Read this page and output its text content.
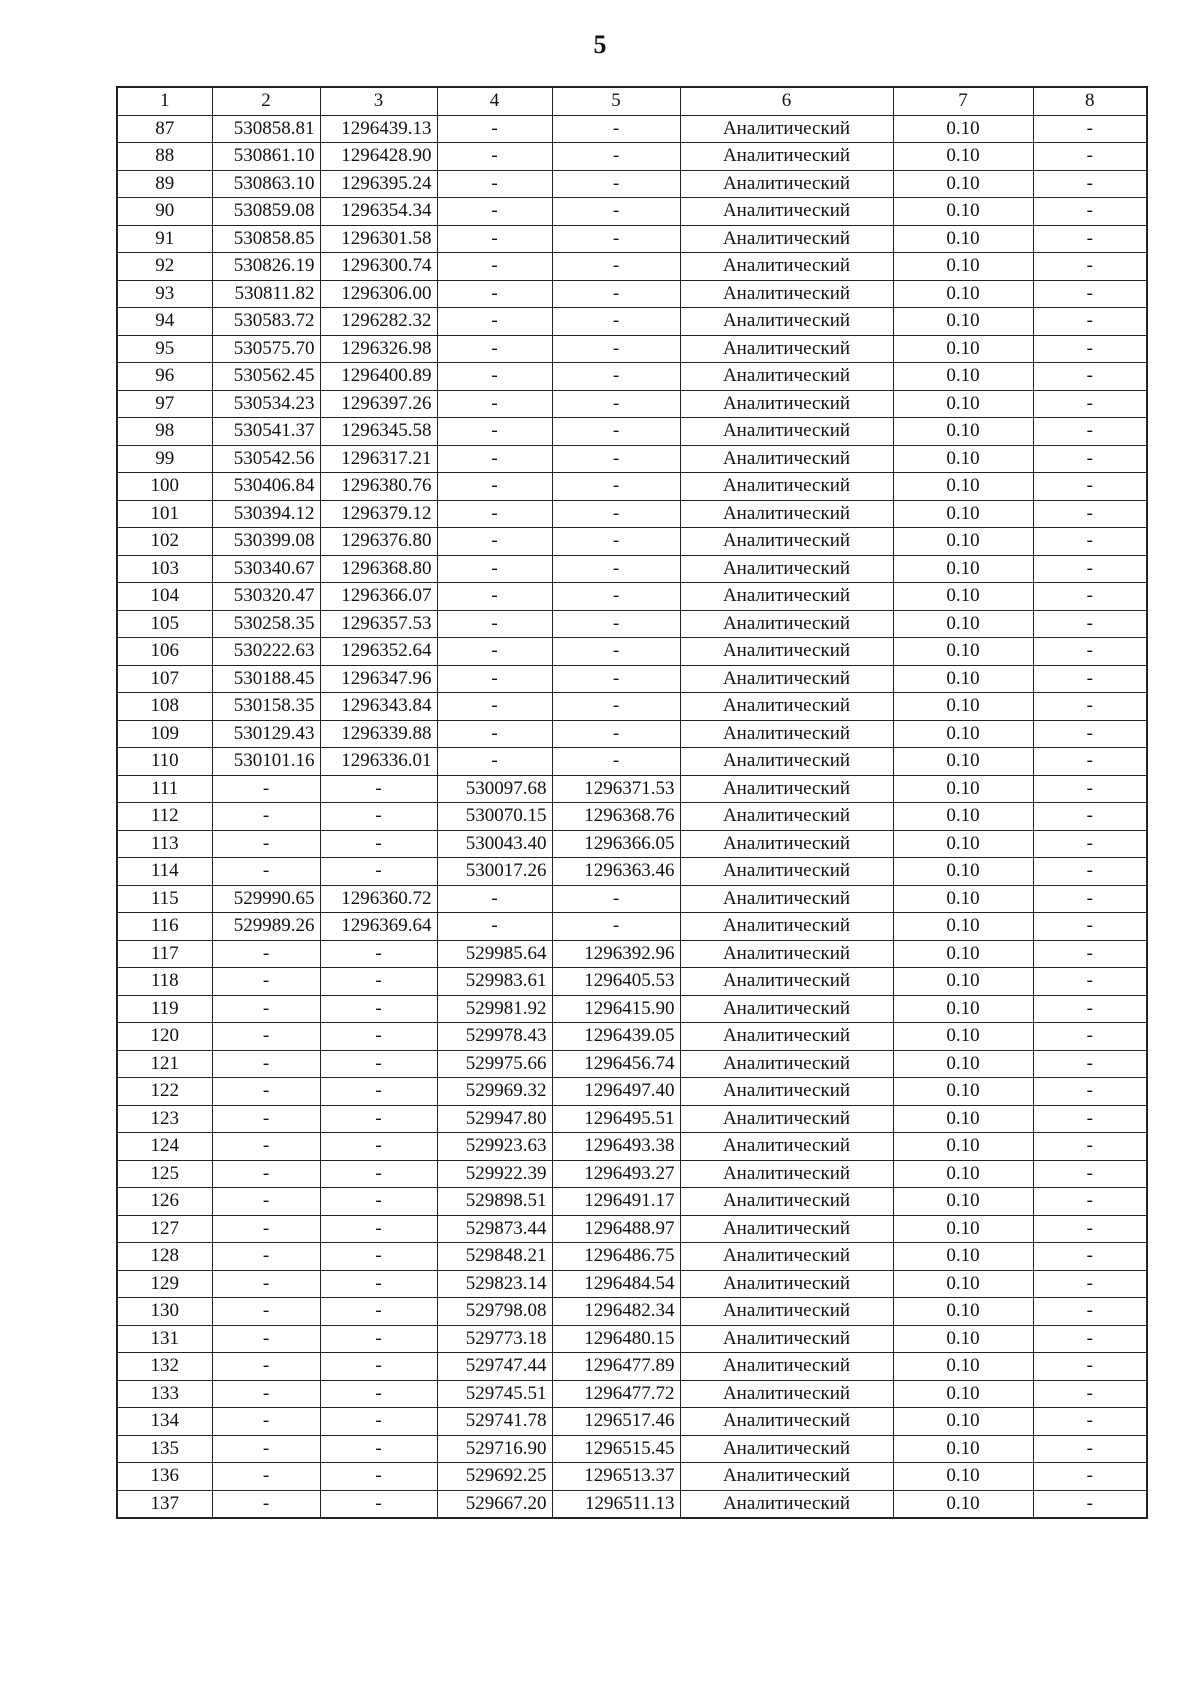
5
1	2	3	4	5	6	7	8
87	530858.81	1296439.13	-	-	Аналитический	0.10	-
88	530861.10	1296428.90	-	-	Аналитический	0.10	-
89	530863.10	1296395.24	-	-	Аналитический	0.10	-
90	530859.08	1296354.34	-	-	Аналитический	0.10	-
91	530858.85	1296301.58	-	-	Аналитический	0.10	-
92	530826.19	1296300.74	-	-	Аналитический	0.10	-
93	530811.82	1296306.00	-	-	Аналитический	0.10	-
94	530583.72	1296282.32	-	-	Аналитический	0.10	-
95	530575.70	1296326.98	-	-	Аналитический	0.10	-
96	530562.45	1296400.89	-	-	Аналитический	0.10	-
97	530534.23	1296397.26	-	-	Аналитический	0.10	-
98	530541.37	1296345.58	-	-	Аналитический	0.10	-
99	530542.56	1296317.21	-	-	Аналитический	0.10	-
100	530406.84	1296380.76	-	-	Аналитический	0.10	-
101	530394.12	1296379.12	-	-	Аналитический	0.10	-
102	530399.08	1296376.80	-	-	Аналитический	0.10	-
103	530340.67	1296368.80	-	-	Аналитический	0.10	-
104	530320.47	1296366.07	-	-	Аналитический	0.10	-
105	530258.35	1296357.53	-	-	Аналитический	0.10	-
106	530222.63	1296352.64	-	-	Аналитический	0.10	-
107	530188.45	1296347.96	-	-	Аналитический	0.10	-
108	530158.35	1296343.84	-	-	Аналитический	0.10	-
109	530129.43	1296339.88	-	-	Аналитический	0.10	-
110	530101.16	1296336.01	-	-	Аналитический	0.10	-
111	-	-	530097.68	1296371.53	Аналитический	0.10	-
112	-	-	530070.15	1296368.76	Аналитический	0.10	-
113	-	-	530043.40	1296366.05	Аналитический	0.10	-
114	-	-	530017.26	1296363.46	Аналитический	0.10	-
115	529990.65	1296360.72	-	-	Аналитический	0.10	-
116	529989.26	1296369.64	-	-	Аналитический	0.10	-
117	-	-	529985.64	1296392.96	Аналитический	0.10	-
118	-	-	529983.61	1296405.53	Аналитический	0.10	-
119	-	-	529981.92	1296415.90	Аналитический	0.10	-
120	-	-	529978.43	1296439.05	Аналитический	0.10	-
121	-	-	529975.66	1296456.74	Аналитический	0.10	-
122	-	-	529969.32	1296497.40	Аналитический	0.10	-
123	-	-	529947.80	1296495.51	Аналитический	0.10	-
124	-	-	529923.63	1296493.38	Аналитический	0.10	-
125	-	-	529922.39	1296493.27	Аналитический	0.10	-
126	-	-	529898.51	1296491.17	Аналитический	0.10	-
127	-	-	529873.44	1296488.97	Аналитический	0.10	-
128	-	-	529848.21	1296486.75	Аналитический	0.10	-
129	-	-	529823.14	1296484.54	Аналитический	0.10	-
130	-	-	529798.08	1296482.34	Аналитический	0.10	-
131	-	-	529773.18	1296480.15	Аналитический	0.10	-
132	-	-	529747.44	1296477.89	Аналитический	0.10	-
133	-	-	529745.51	1296477.72	Аналитический	0.10	-
134	-	-	529741.78	1296517.46	Аналитический	0.10	-
135	-	-	529716.90	1296515.45	Аналитический	0.10	-
136	-	-	529692.25	1296513.37	Аналитический	0.10	-
137	-	-	529667.20	1296511.13	Аналитический	0.10	-
